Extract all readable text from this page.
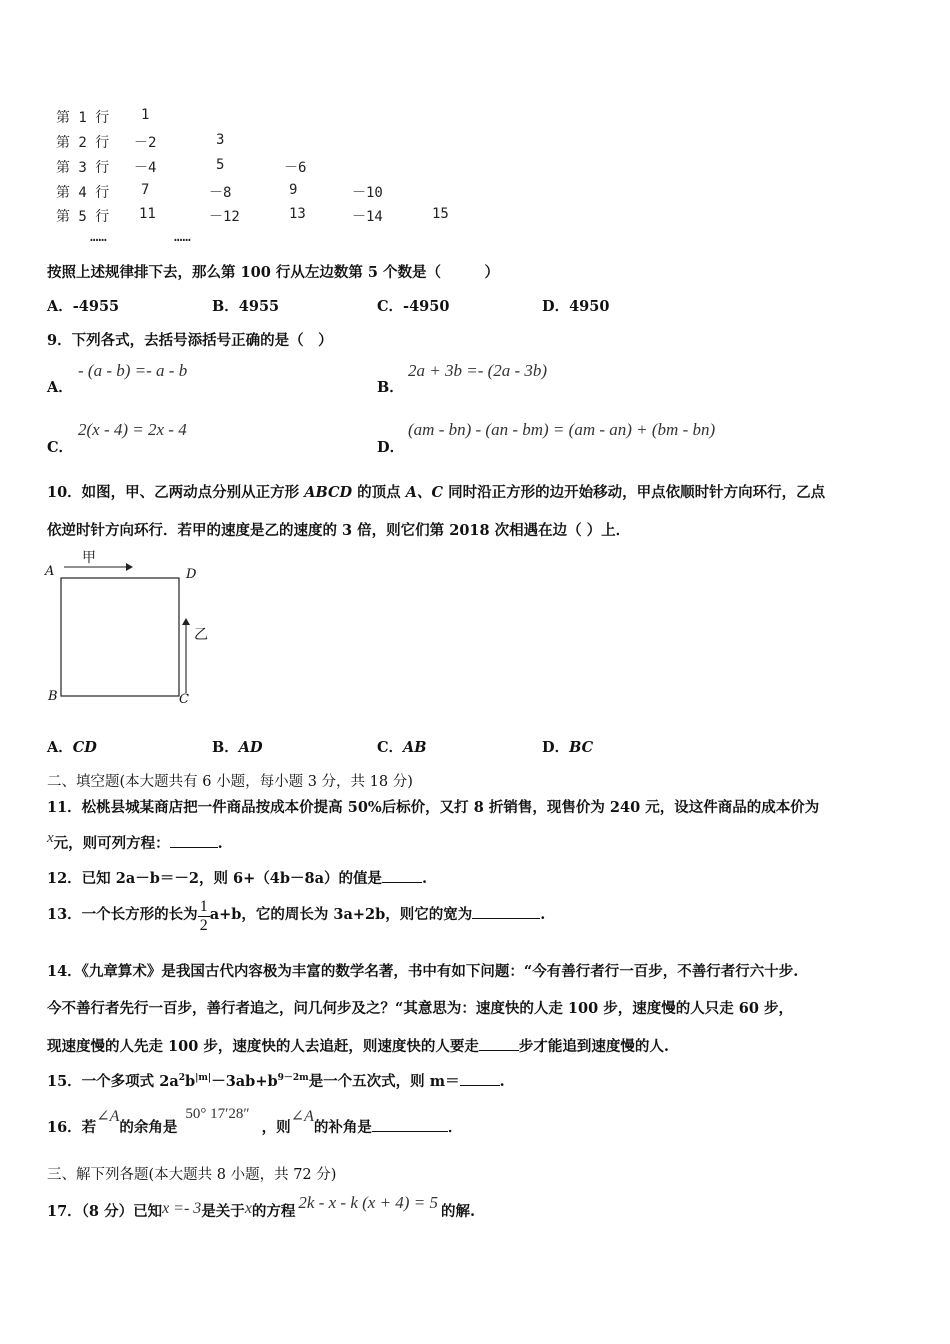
第 1 行 1
第 2 行 －2	3
第 3 行 －4	5	－6
第 4 行 7	－8	9	－10
第 5 行 11	－12	13	－14	15
……	……
按照上述规律排下去，那么第 100 行从左边数第 5 个数是（　　　）
A．-4955	B．4955	C．-4950	D．4950
9．下列各式，去括号添括号正确的是（　）
A．
- (a - b) =- a - b
B．
2a + 3b =- (2a - 3b)
C．
2(x - 4) = 2x - 4
D．
(am - bn) - (an - bm) = (am - an) + (bm - bn)
10．如图，甲、乙两动点分别从正方形 ABCD 的顶点 A、C 同时沿正方形的边开始移动，甲点依顺时针方向环行，乙点
依逆时针方向环行．若甲的速度是乙的速度的 3 倍，则它们第 2018 次相遇在边（ ）上．
A	D
B	C
甲
乙
A．CD	B．AD	C．AB	D．BC
二、填空题(本大题共有 6 小题，每小题 3 分，共 18 分)
11．松桃县城某商店把一件商品按成本价提高 50%后标价，又打 8 折销售，现售价为 240 元，设这件商品的成本价为
x元，则可列方程：	.
12．已知 2a－b＝－2，则 6+（4b－8a）的值是	.
13．一个长方形的长为 $\frac{1}{2} a+b$，它的周长为 3a+2b，则它的宽为	.
14．《九章算术》是我国古代内容极为丰富的数学名著，书中有如下问题：“今有善行者行一百步，不善行者行六十步.
今不善行者先行一百步，善行者追之，问几何步及之？“其意思为：速度快的人走 100 步，速度慢的人只走 60 步，
现速度慢的人先走 100 步，速度快的人去追赶，则速度快的人要走	步才能追到速度慢的人.
15．一个多项式 $2a^2b^{|m|}-3ab+b^{9-2m}$是一个五次式，则 m＝	.
16．若∠A的余角是50° 17′28″，则∠A的补角是	．
三、解下列各题(本大题共 8 小题，共 72 分)
17．（8 分）已知x =- 3是关于x的方程 2k - x - k (x + 4) = 5 的解.
